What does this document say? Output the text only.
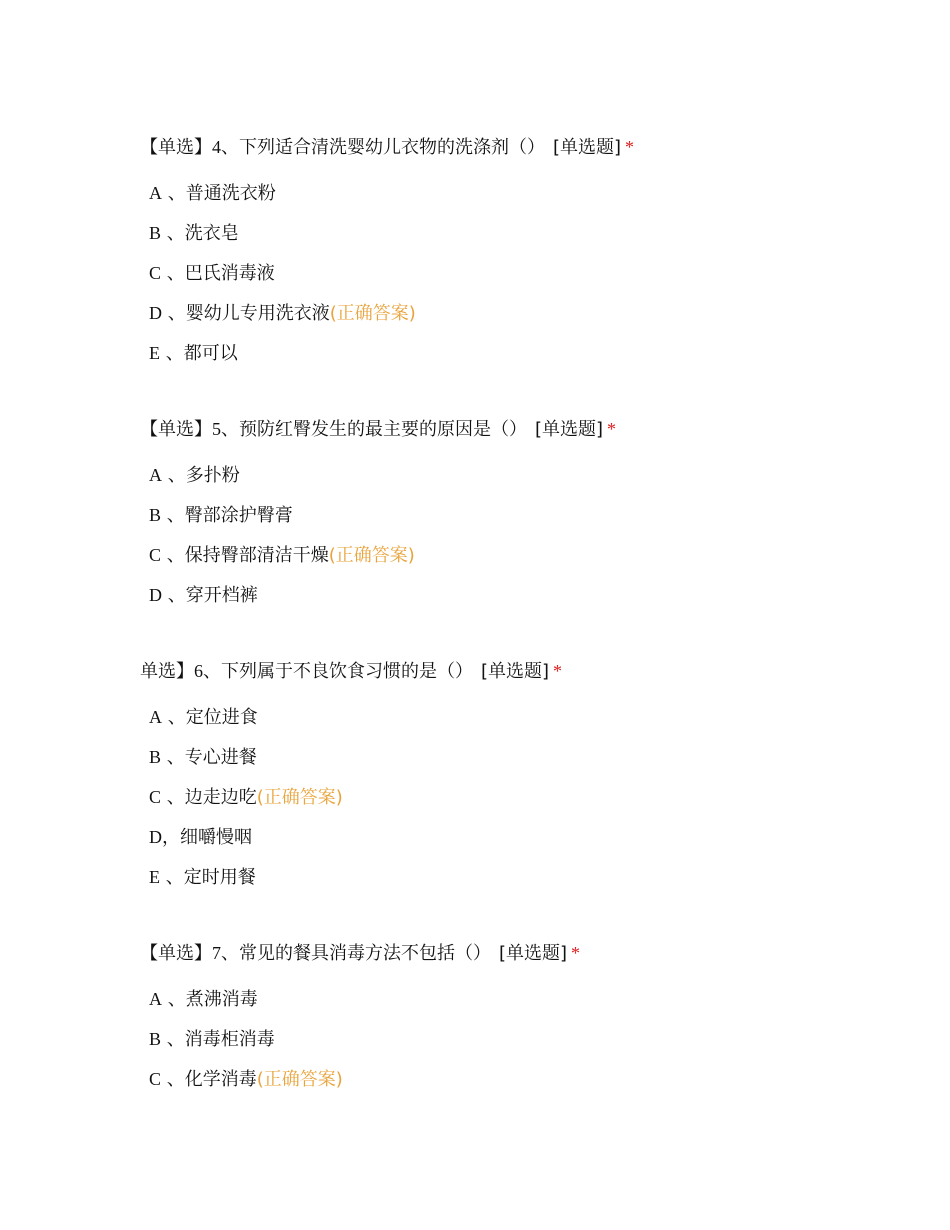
【单选】4、下列适合清洗婴幼儿衣物的洗涤剂（） [单选题] *
A 、普通洗衣粉
B 、洗衣皂
C 、巴氏消毒液
D 、婴幼儿专用洗衣液(正确答案)
E 、都可以
【单选】5、预防红臀发生的最主要的原因是（） [单选题] *
A 、多扑粉
B 、臀部涂护臀膏
C 、保持臀部清洁干燥(正确答案)
D 、穿开档裤
单选】6、下列属于不良饮食习惯的是（） [单选题] *
A 、定位进食
B 、专心进餐
C 、边走边吃(正确答案)
D，细嚼慢咽
E 、定时用餐
【单选】7、常见的餐具消毒方法不包括（） [单选题] *
A 、煮沸消毒
B 、消毒柜消毒
C 、化学消毒(正确答案)
